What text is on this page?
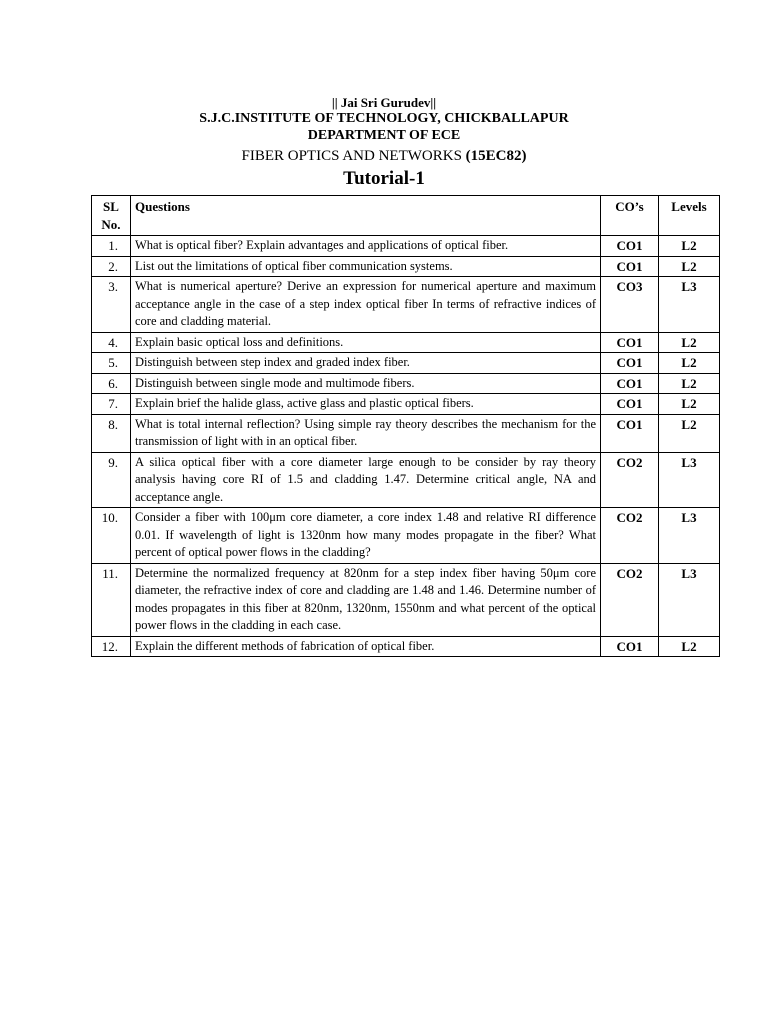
|| Jai Sri Gurudev||
S.J.C.INSTITUTE OF TECHNOLOGY, CHICKBALLAPUR
DEPARTMENT OF ECE
FIBER OPTICS AND NETWORKS (15EC82)
Tutorial-1
SL No.	Questions	CO’s	Levels
1.	What is optical fiber? Explain advantages and applications of optical fiber.	CO1	L2
2.	List out the limitations of optical fiber communication systems.	CO1	L2
3.	What is numerical aperture? Derive an expression for numerical aperture and maximum acceptance angle in the case of a step index optical fiber In terms of refractive indices of core and cladding material.	CO3	L3
4.	Explain basic optical loss and definitions.	CO1	L2
5.	Distinguish between step index and graded index fiber.	CO1	L2
6.	Distinguish between single mode and multimode fibers.	CO1	L2
7.	Explain brief the halide glass, active glass and plastic optical fibers.	CO1	L2
8.	What is total internal reflection? Using simple ray theory describes the mechanism for the transmission of light with in an optical fiber.	CO1	L2
9.	A silica optical fiber with a core diameter large enough to be consider by ray theory analysis having core RI of 1.5 and cladding 1.47. Determine critical angle, NA and acceptance angle.	CO2	L3
10.	Consider a fiber with 100μm core diameter, a core index 1.48 and relative RI difference 0.01. If wavelength of light is 1320nm how many modes propagate in the fiber? What percent of optical power flows in the cladding?	CO2	L3
11.	Determine the normalized frequency at 820nm for a step index fiber having 50μm core diameter, the refractive index of core and cladding are 1.48 and 1.46. Determine number of modes propagates in this fiber at 820nm, 1320nm, 1550nm and what percent of the optical power flows in the cladding in each case.	CO2	L3
12.	Explain the different methods of fabrication of optical fiber.	CO1	L2
